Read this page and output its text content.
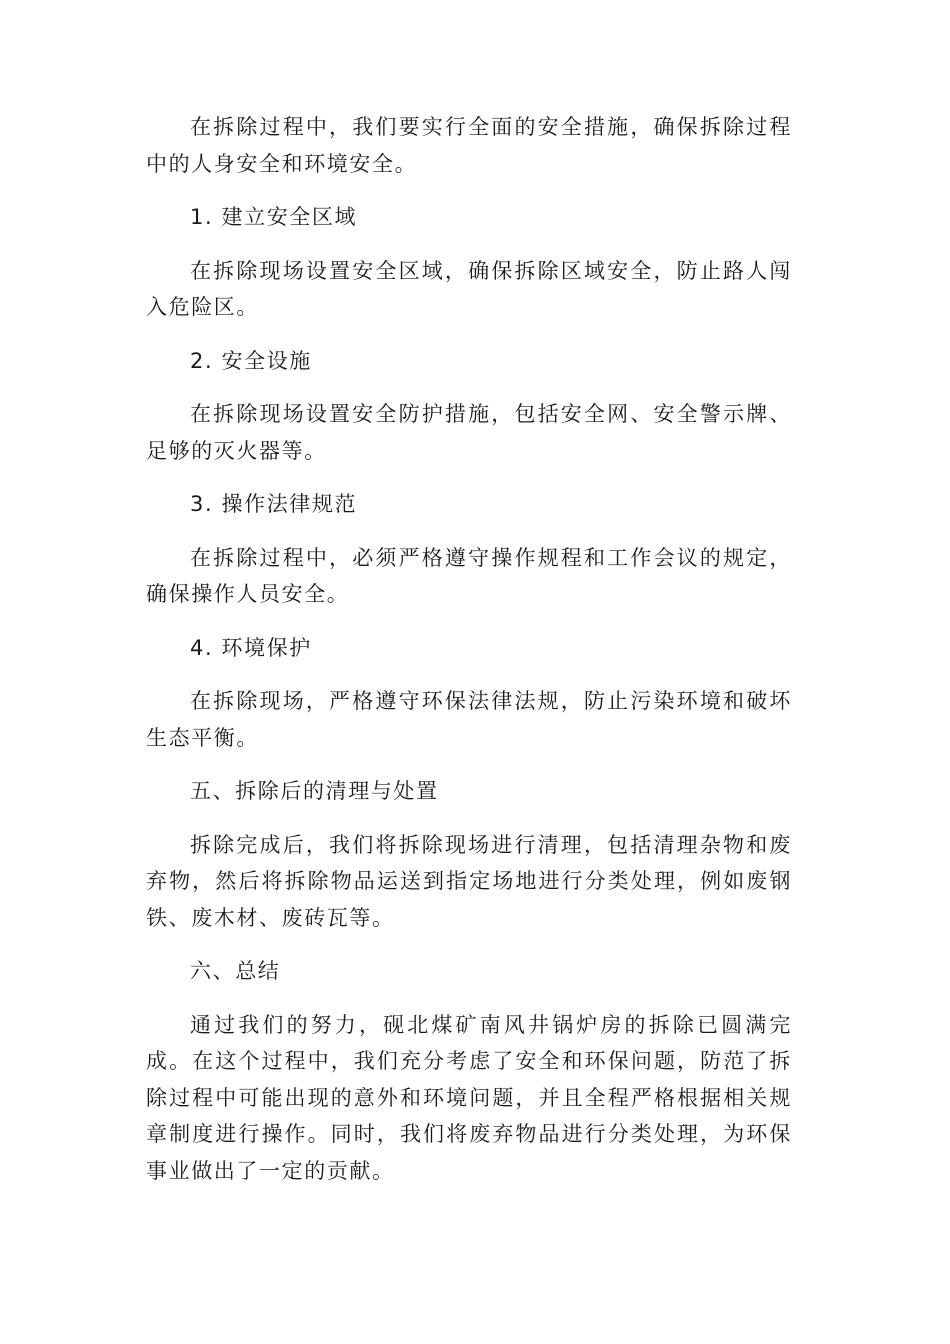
在拆除过程中，我们要实行全面的安全措施，确保拆除过程中的人身安全和环境安全。

1. 建立安全区域

在拆除现场设置安全区域，确保拆除区域安全，防止路人闯入危险区。

2. 安全设施

在拆除现场设置安全防护措施，包括安全网、安全警示牌、足够的灭火器等。

3. 操作法律规范

在拆除过程中，必须严格遵守操作规程和工作会议的规定，确保操作人员安全。

4. 环境保护

在拆除现场，严格遵守环保法律法规，防止污染环境和破坏生态平衡。

五、拆除后的清理与处置

拆除完成后，我们将拆除现场进行清理，包括清理杂物和废弃物，然后将拆除物品运送到指定场地进行分类处理，例如废钢铁、废木材、废砖瓦等。

六、总结

通过我们的努力，砚北煤矿南风井锅炉房的拆除已圆满完成。在这个过程中，我们充分考虑了安全和环保问题，防范了拆除过程中可能出现的意外和环境问题，并且全程严格根据相关规章制度进行操作。同时，我们将废弃物品进行分类处理，为环保事业做出了一定的贡献。
